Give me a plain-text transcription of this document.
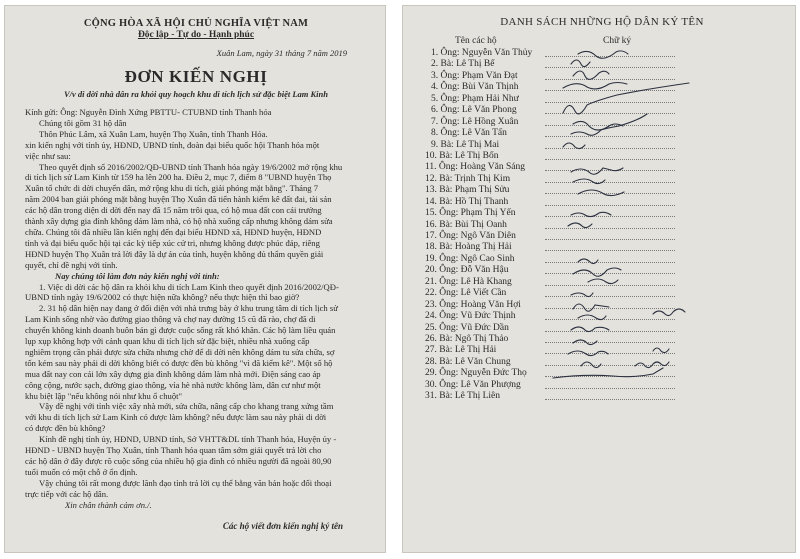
CỘNG HÒA XÃ HỘI CHỦ NGHĨA VIỆT NAM
Độc lập - Tự do - Hạnh phúc
Xuân Lam, ngày 31 tháng 7 năm 2019
ĐƠN KIẾN NGHỊ
V/v di dời nhà dân ra khỏi quy hoạch khu di tích lịch sử đặc biệt Lam Kinh
Kính gửi: Ông: Nguyễn Đình Xứng PBTTU- CTUBND tỉnh Thanh hóa
Chúng tôi gồm 31 hộ dân
Thôn Phúc Lâm, xã Xuân Lam, huyện Thọ Xuân, tỉnh Thanh Hóa.
xin kiến nghị với tỉnh ủy, HĐND, UBND tỉnh, đoàn đại biểu quốc hội Thanh hóa một
việc như sau:
Theo quyết định số 2016/2002/QĐ-UBND tỉnh Thanh hóa ngày 19/6/2002 mở rộng khu
di tích lịch sử Lam Kinh từ 159 ha lên 200 ha. Điều 2, mục 7, điểm 8 "UBND huyện Thọ
Xuân tổ chức di dời chuyển dân, mở rộng khu di tích, giải phóng mặt bằng". Tháng 7
năm 2004 ban giải phóng mặt bằng huyện Thọ Xuân đã tiến hành kiểm kê đất đai, tài sản
các hộ dân trong diện di dời đến nay đã 15 năm trôi qua, có hộ mua đất con cái trưởng
thành xây dựng gia đình không dám làm nhà, có hộ nhà xuống cấp nhưng không dám sửa
chữa. Chúng tôi đã nhiều lần kiến nghị đến đại biểu HĐND xã, HĐND huyện, HĐND
tỉnh và đại biểu quốc hội tại các kỳ tiếp xúc cử tri, nhưng không được phúc đáp, riêng
HĐND huyện Thọ Xuân trả lời đây là dự án của tỉnh, huyện không đủ thẩm quyền giải
quyết, chỉ đề nghị với tỉnh.
Nay chúng tôi làm đơn này kiến nghị với tỉnh:
1. Việc di dời các hộ dân ra khỏi khu di tích Lam Kinh theo quyết định 2016/2002/QĐ-
UBND tỉnh ngày 19/6/2002 có thực hiện nữa không? nếu thực hiện thì bao giờ?
2. 31 hộ dân hiện nay đang ở đối diện với nhà trưng bày ở khu trung tâm di tích lịch sử
Lam Kinh sống nhờ vào đường giao thông và chợ nay đường 15 cũ đã rào, chợ đã di
chuyển không kinh doanh buôn bán gì được cuộc sống rất khó khăn. Các hộ làm liều quán
lụp xụp không hợp với cảnh quan khu di tích lịch sử đặc biệt, nhiều nhà xuống cấp
nghiêm trọng cần phải được sửa chữa nhưng chờ để di dời nên không dám tu sửa chữa, sợ
tốn kém sau này phải di dời không biết có được đền bù không "vì đã kiểm kê". Một số hộ
mua đất nay con cái lớn xây dựng gia đình không dám làm nhà mới. Điện sáng cao áp
công cộng, nước sạch, đường giao thông, vỉa hè nhà nước không làm, dân cư như một
khu biệt lập "nếu không nói như khu ổ chuột"
Vậy đề nghị với tỉnh việc xây nhà mới, sửa chữa, nâng cấp cho khang trang xứng tầm
với khu di tích lịch sử Lam Kinh có được làm không? nếu được làm sau này phải di dời
có được đền bù không?
Kính đề nghị tỉnh ủy, HĐND, UBND tỉnh, Sở VHTT&DL tỉnh Thanh hóa, Huyện ủy -
HĐND - UBND huyện Thọ Xuân, tỉnh Thanh hóa quan tâm sớm giải quyết trả lời cho
các hộ dân ở đây được rõ cuộc sống của nhiều hộ gia đình có nhiều người đã ngoài 80,90
tuổi muốn có một chỗ ở ổn định.
Vậy chúng tôi rất mong được lãnh đạo tỉnh trả lời cụ thể bằng văn bản hoặc đối thoại
trực tiếp với các hộ dân.
Xin chân thành cảm ơn./.
Các hộ viết đơn kiến nghị ký tên
DANH SÁCH NHỮNG HỘ DÂN KÝ TÊN
Tên các hộ	Chữ ký
1. Ông: Nguyễn Văn Thủy
2. Bà: Lê Thị Bể
3. Ông: Phạm Văn Đạt
4. Ông: Bùi Văn Thịnh
5. Ông: Phạm Hải Như
6. Ông: Lê Văn Phong
7. Ông: Lê Hồng Xuân
8. Ông: Lê Văn Tấn
9. Bà: Lê Thị Mai
10. Bà: Lê Thị Bốn
11. Ông: Hoàng Văn Sáng
12. Bà: Trịnh Thị Kim
13. Bà: Phạm Thị Sửu
14. Bà: Hồ Thị Thanh
15. Ông: Phạm Thị Yến
16. Bà: Bùi Thị Oanh
17. Ông: Ngô Văn Diên
18. Bà: Hoàng Thị Hải
19. Ông: Ngô Cao Sinh
20. Ông: Đỗ Văn Hậu
21. Ông: Lê Hà Khang
22. Ông: Lê Viết Cần
23. Ông: Hoàng Văn Hợi
24. Ông: Vũ Đức Thịnh
25. Ông: Vũ Đức Dần
26. Bà: Ngô Thị Thảo
27. Bà: Lê Thị Hải
28. Bà: Lê Văn Chung
29. Ông: Nguyễn Đức Thọ
30. Ông: Lê Văn Phượng
31. Bà: Lê Thị Liên
